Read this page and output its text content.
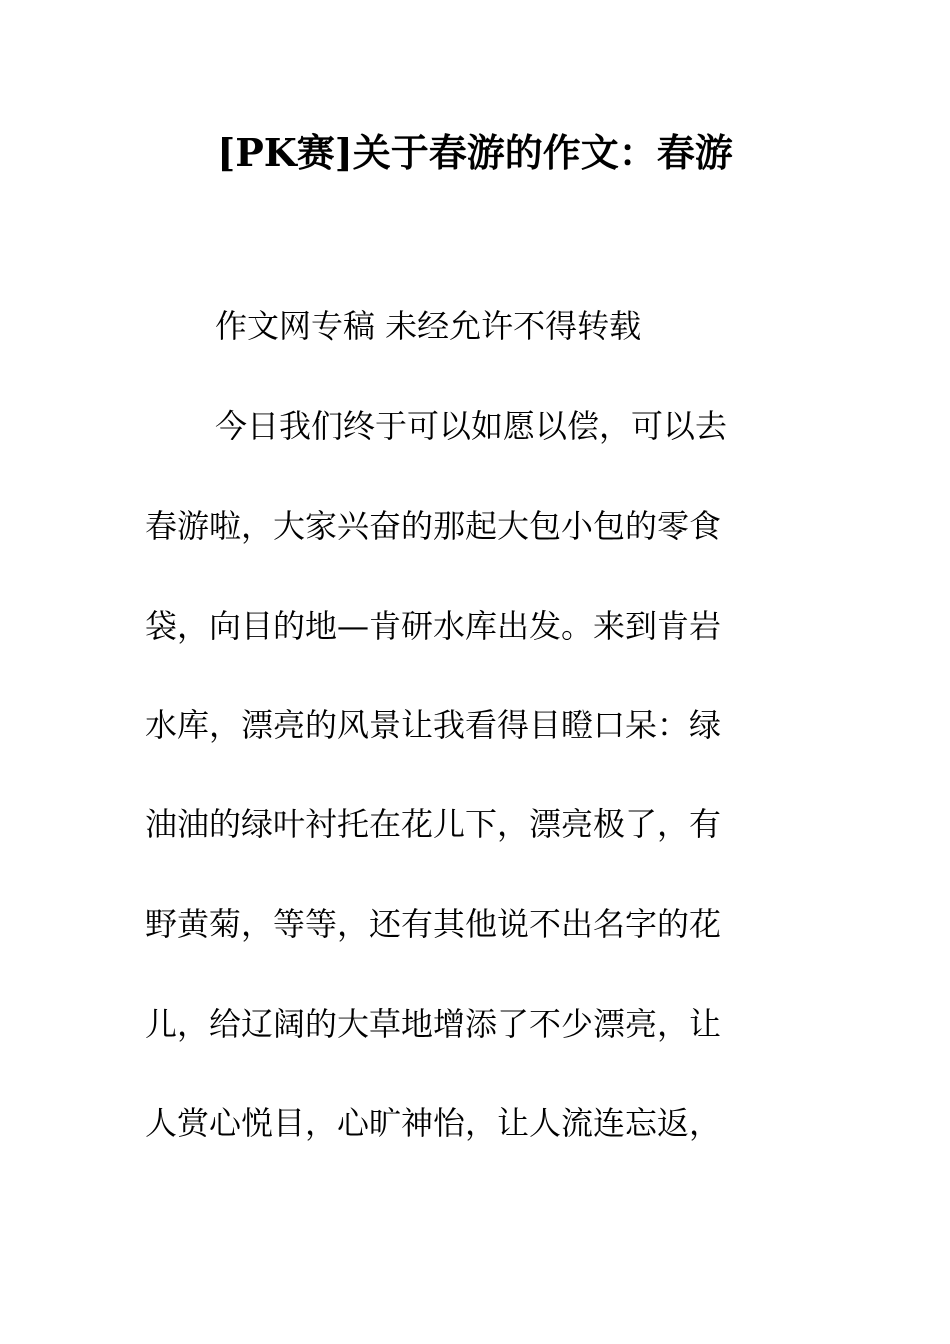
[PK赛]关于春游的作文：春游
作文网专稿 未经允许不得转载
今日我们终于可以如愿以偿，可以去
春游啦，大家兴奋的那起大包小包的零食
袋，向目的地—肯研水库出发。来到肯岩
水库，漂亮的风景让我看得目瞪口呆：绿
油油的绿叶衬托在花儿下，漂亮极了，有
野黄菊，等等，还有其他说不出名字的花
儿，给辽阔的大草地增添了不少漂亮，让
人赏心悦目，心旷神怡，让人流连忘返，
